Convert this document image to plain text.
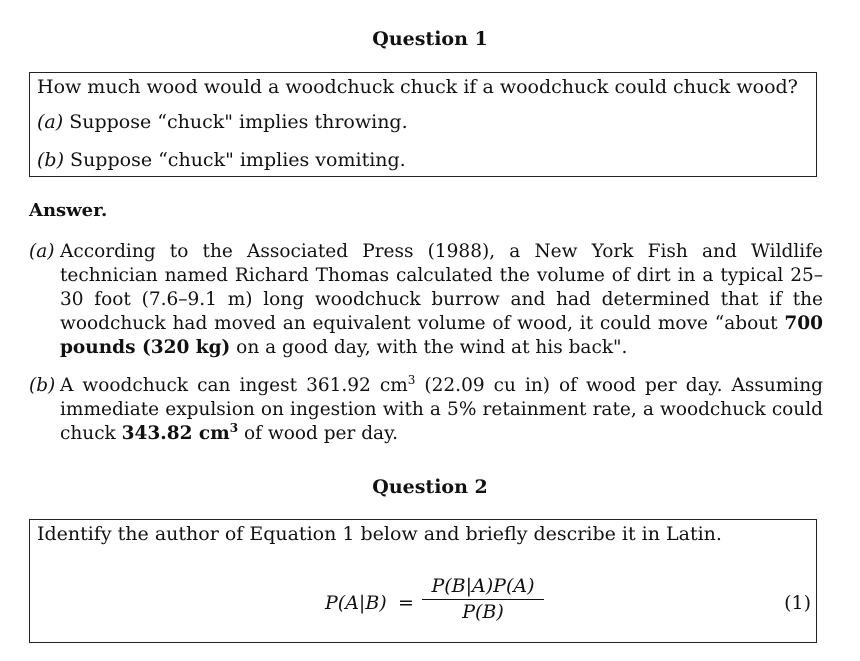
Question 1
How much wood would a woodchuck chuck if a woodchuck could chuck wood?
(a) Suppose “chuck" implies throwing.
(b) Suppose “chuck" implies vomiting.
Answer.
(a) According to the Associated Press (1988), a New York Fish and Wildlife technician named Richard Thomas calculated the volume of dirt in a typical 25–30 foot (7.6–9.1 m) long woodchuck burrow and had determined that if the woodchuck had moved an equivalent volume of wood, it could move “about 700 pounds (320 kg) on a good day, with the wind at his back".
(b) A woodchuck can ingest 361.92 $cm^3$ (22.09 cu in) of wood per day. Assuming immediate expulsion on ingestion with a 5% retainment rate, a woodchuck could chuck 343.82 $cm^3$ of wood per day.
Question 2
Identify the author of Equation 1 below and briefly describe it in Latin.
P(A|B) =
P(B|A)P(A)
P(B)	(1)
